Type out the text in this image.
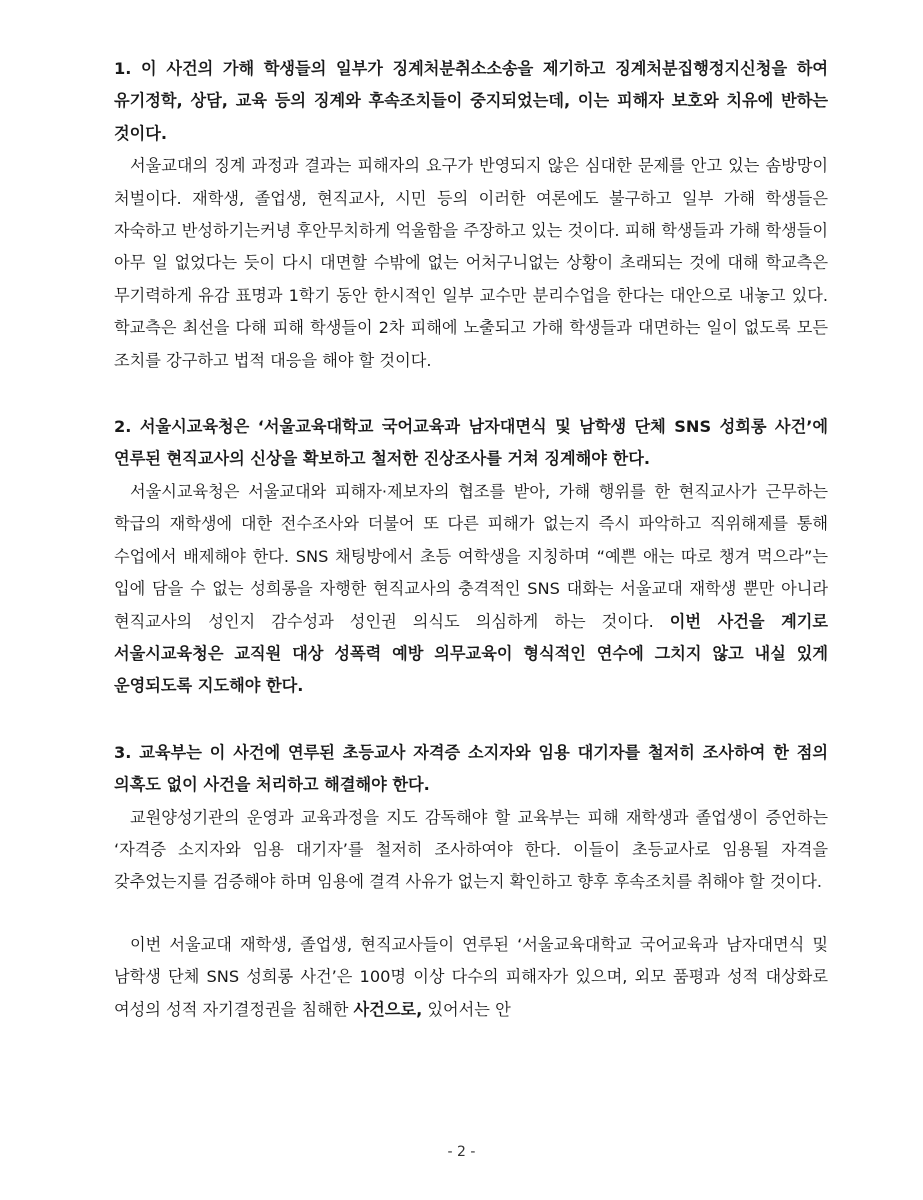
1. 이 사건의 가해 학생들의 일부가 징계처분취소소송을 제기하고 징계처분집행정지신청을 하여 유기정학, 상담, 교육 등의 징계와 후속조치들이 중지되었는데, 이는 피해자 보호와 치유에 반하는 것이다.

서울교대의 징계 과정과 결과는 피해자의 요구가 반영되지 않은 심대한 문제를 안고 있는 솜방망이 처벌이다. 재학생, 졸업생, 현직교사, 시민 등의 이러한 여론에도 불구하고 일부 가해 학생들은 자숙하고 반성하기는커녕 후안무치하게 억울함을 주장하고 있는 것이다. 피해 학생들과 가해 학생들이 아무 일 없었다는 듯이 다시 대면할 수밖에 없는 어처구니없는 상황이 초래되는 것에 대해 학교측은 무기력하게 유감 표명과 1학기 동안 한시적인 일부 교수만 분리수업을 한다는 대안으로 내놓고 있다. 학교측은 최선을 다해 피해 학생들이 2차 피해에 노출되고 가해 학생들과 대면하는 일이 없도록 모든 조치를 강구하고 법적 대응을 해야 할 것이다.

2. 서울시교육청은 ‘서울교육대학교 국어교육과 남자대면식 및 남학생 단체 SNS 성희롱 사건’에 연루된 현직교사의 신상을 확보하고 철저한 진상조사를 거쳐 징계해야 한다.

서울시교육청은 서울교대와 피해자·제보자의 협조를 받아, 가해 행위를 한 현직교사가 근무하는 학급의 재학생에 대한 전수조사와 더불어 또 다른 피해가 없는지 즉시 파악하고 직위해제를 통해 수업에서 배제해야 한다. SNS 채팅방에서 초등 여학생을 지칭하며 “예쁜 애는 따로 챙겨 먹으라”는 입에 담을 수 없는 성희롱을 자행한 현직교사의 충격적인 SNS 대화는 서울교대 재학생 뿐만 아니라 현직교사의 성인지 감수성과 성인권 의식도 의심하게 하는 것이다. 이번 사건을 계기로 서울시교육청은 교직원 대상 성폭력 예방 의무교육이 형식적인 연수에 그치지 않고 내실 있게 운영되도록 지도해야 한다.

3. 교육부는 이 사건에 연루된 초등교사 자격증 소지자와 임용 대기자를 철저히 조사하여 한 점의 의혹도 없이 사건을 처리하고 해결해야 한다.

교원양성기관의 운영과 교육과정을 지도 감독해야 할 교육부는 피해 재학생과 졸업생이 증언하는 ‘자격증 소지자와 임용 대기자’를 철저히 조사하여야 한다. 이들이 초등교사로 임용될 자격을 갖추었는지를 검증해야 하며 임용에 결격 사유가 없는지 확인하고 향후 후속조치를 취해야 할 것이다.

이번 서울교대 재학생, 졸업생, 현직교사들이 연루된 ‘서울교육대학교 국어교육과 남자대면식 및 남학생 단체 SNS 성희롱 사건’은 100명 이상 다수의 피해자가 있으며, 외모 품평과 성적 대상화로 여성의 성적 자기결정권을 침해한 사건으로, 있어서는 안

- 2 -
